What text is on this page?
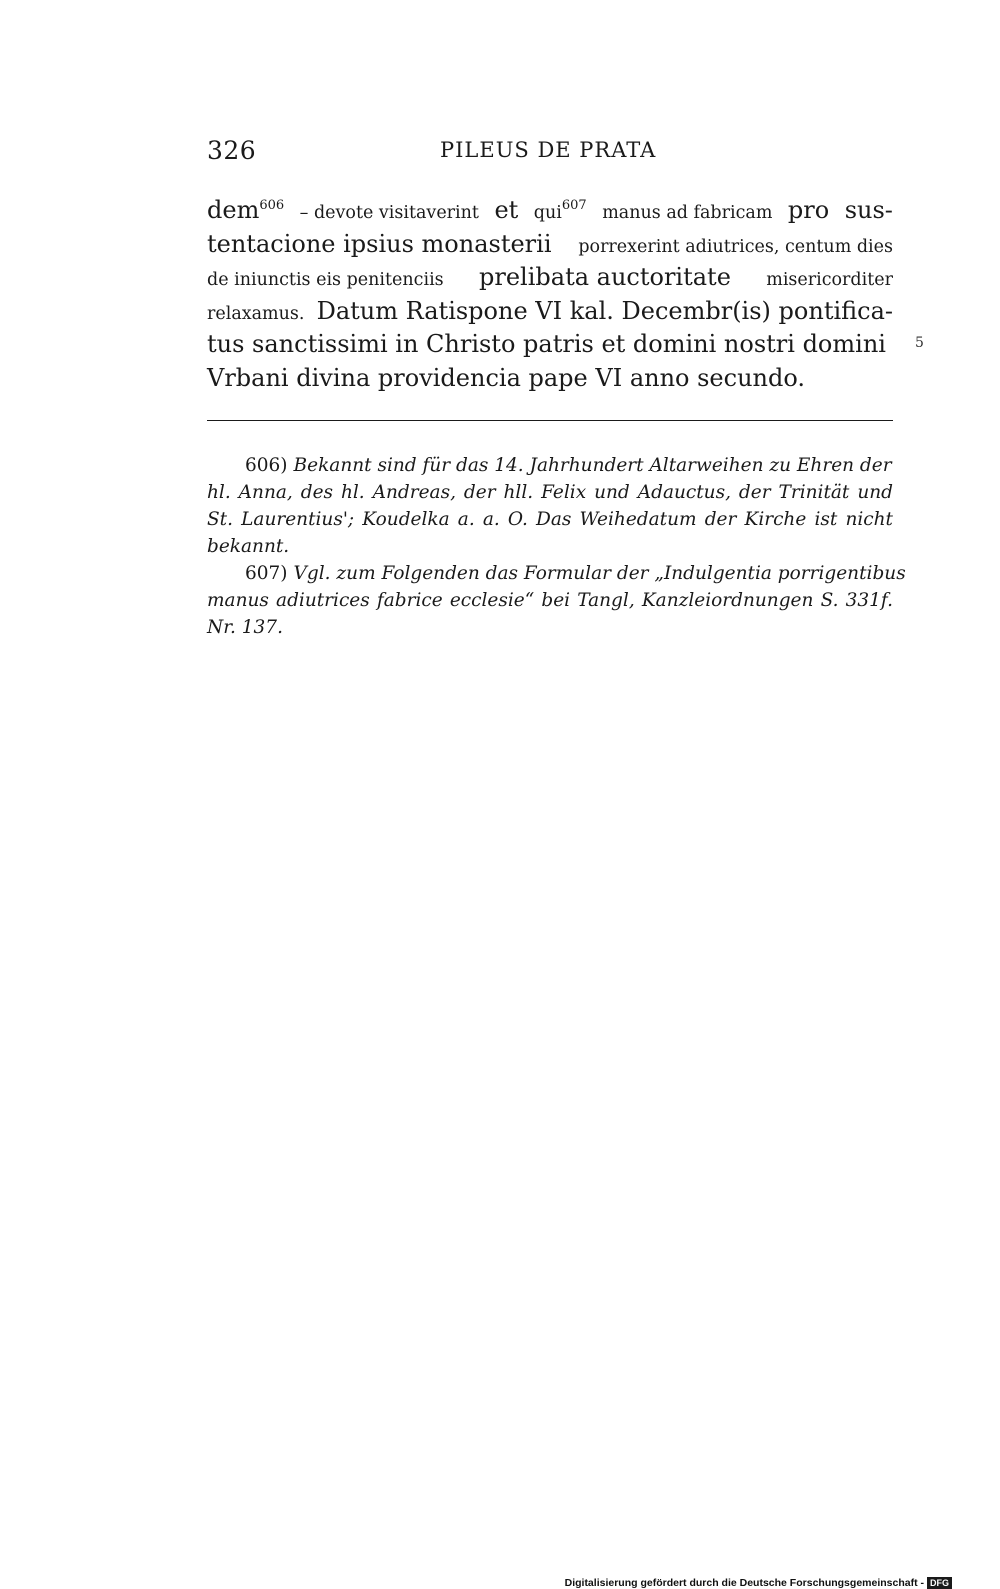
326	PILEUS DE PRATA
dem$^{606}$ – devote visitaverint et qui$^{607}$ manus ad fabricam pro sus-
tentacione ipsius monasterii porrexerint adiutrices, centum dies
de iniunctis eis penitenciis prelibata auctoritate misericorditer
relaxamus. Datum Ratispone VI kal. Decembr(is) pontifica-
tus sanctissimi in Christo patris et domini nostri domini
Vrbani divina providencia pape VI anno secundo.
5
606) Bekannt sind für das 14. Jahrhundert Altarweihen zu Ehren der
hl. Anna, des hl. Andreas, der hll. Felix und Adauctus, der Trinität und
St. Laurentius'; Koudelka a. a. O. Das Weihedatum der Kirche ist nicht
bekannt.
607) Vgl. zum Folgenden das Formular der „Indulgentia porrigentibus
manus adiutrices fabrice ecclesie“ bei Tangl, Kanzleiordnungen S. 331f.
Nr. 137.
Digitalisierung gefördert durch die Deutsche Forschungsgemeinschaft - DFG
